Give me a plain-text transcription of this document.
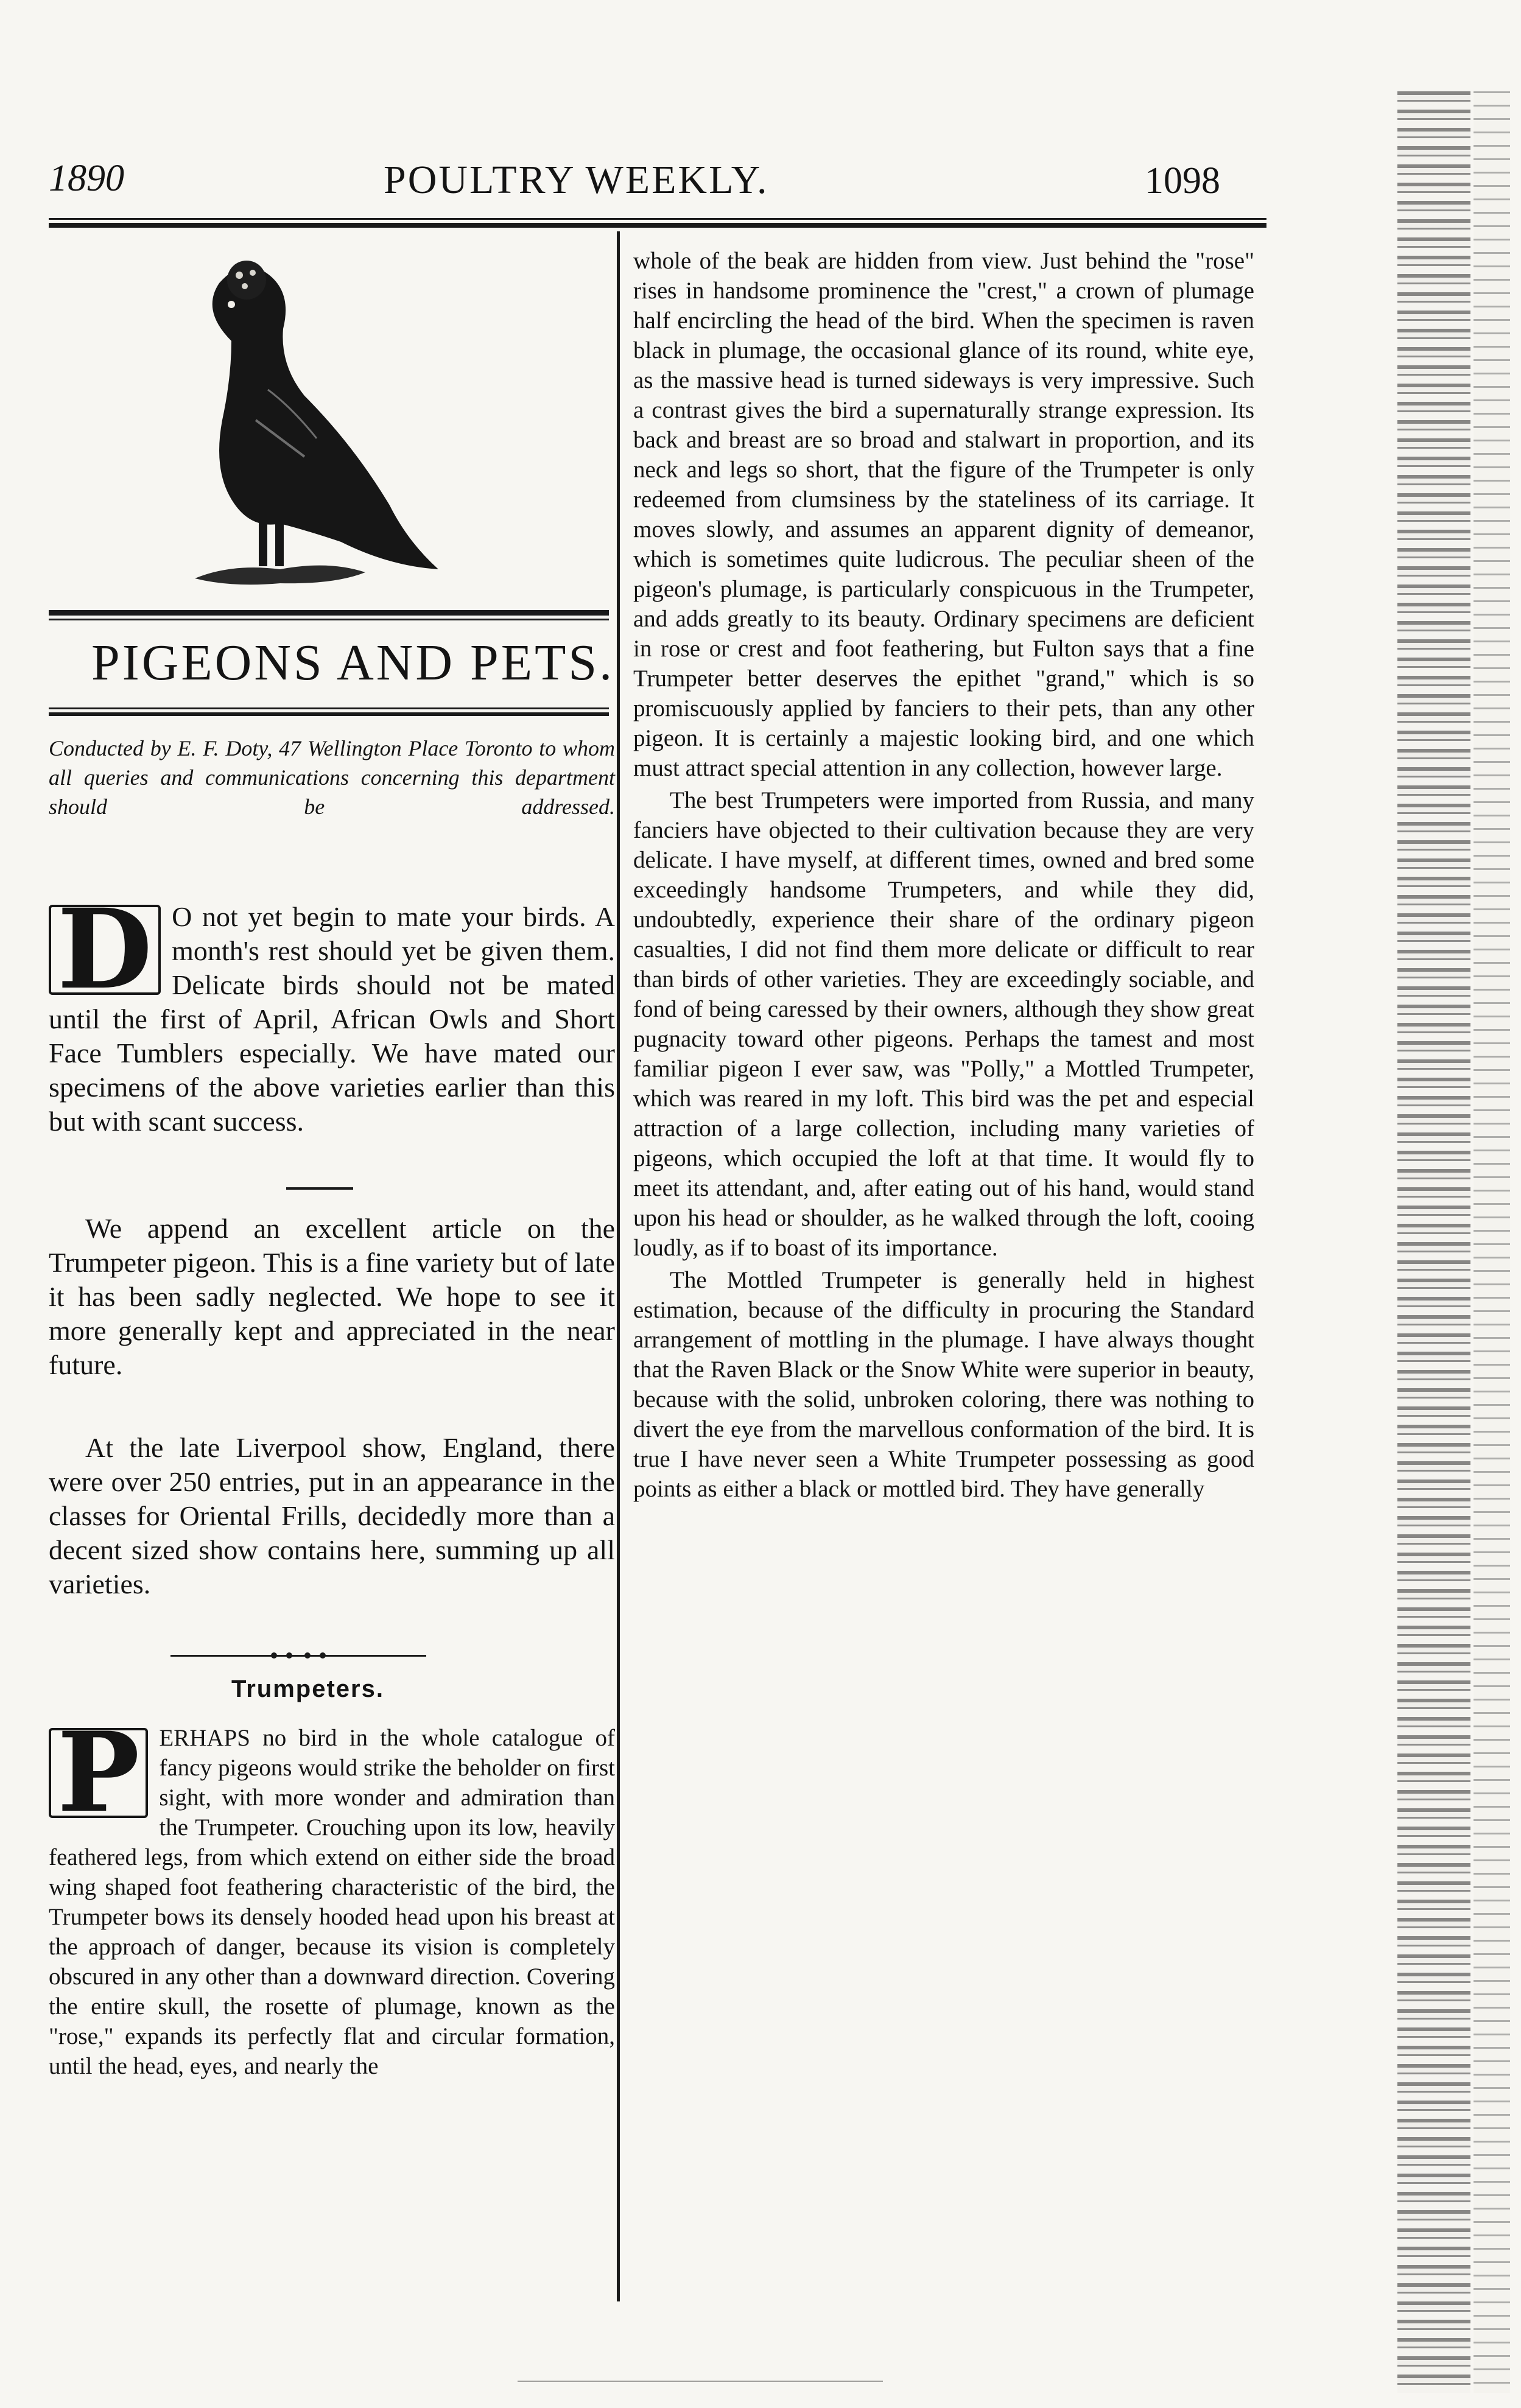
1890	POULTRY WEEKLY.	1098
PIGEONS AND PETS.
Conducted by E. F. Doty, 47 Wellington Place Toronto to whom all queries and communications concerning this department should be addressed.
D O not yet begin to mate your birds. A month's rest should yet be given them. Delicate birds should not be mated until the first of April, African Owls and Short Face Tumblers especially. We have mated our specimens of the above varieties earlier than this but with scant success.
We append an excellent article on the Trumpeter pigeon. This is a fine variety but of late it has been sadly neglected. We hope to see it more generally kept and appreciated in the near future.
At the late Liverpool show, England, there were over 250 entries, put in an appearance in the classes for Oriental Frills, decidedly more than a decent sized show contains here, summing up all varieties.
Trumpeters.
P ERHAPS no bird in the whole catalogue of fancy pigeons would strike the beholder on first sight, with more wonder and admiration than the Trumpeter. Crouching upon its low, heavily feathered legs, from which extend on either side the broad wing shaped foot feathering characteristic of the bird, the Trumpeter bows its densely hooded head upon his breast at the approach of danger, because its vision is completely obscured in any other than a downward direction. Covering the entire skull, the rosette of plumage, known as the "rose," expands its perfectly flat and circular formation, until the head, eyes, and nearly the

whole of the beak are hidden from view. Just behind the "rose" rises in handsome prominence the "crest," a crown of plumage half encircling the head of the bird. When the specimen is raven black in plumage, the occasional glance of its round, white eye, as the massive head is turned sideways is very impressive. Such a contrast gives the bird a supernaturally strange expression. Its back and breast are so broad and stalwart in proportion, and its neck and legs so short, that the figure of the Trumpeter is only redeemed from clumsiness by the stateliness of its carriage. It moves slowly, and assumes an apparent dignity of demeanor, which is sometimes quite ludicrous. The peculiar sheen of the pigeon's plumage, is particularly conspicuous in the Trumpeter, and adds greatly to its beauty. Ordinary specimens are deficient in rose or crest and foot feathering, but Fulton says that a fine Trumpeter better deserves the epithet "grand," which is so promiscuously applied by fanciers to their pets, than any other pigeon. It is certainly a majestic looking bird, and one which must attract special attention in any collection, however large.

The best Trumpeters were imported from Russia, and many fanciers have objected to their cultivation because they are very delicate. I have myself, at different times, owned and bred some exceedingly handsome Trumpeters, and while they did, undoubtedly, experience their share of the ordinary pigeon casualties, I did not find them more delicate or difficult to rear than birds of other varieties. They are exceedingly sociable, and fond of being caressed by their owners, although they show great pugnacity toward other pigeons. Perhaps the tamest and most familiar pigeon I ever saw, was "Polly," a Mottled Trumpeter, which was reared in my loft. This bird was the pet and especial attraction of a large collection, including many varieties of pigeons, which occupied the loft at that time. It would fly to meet its attendant, and, after eating out of his hand, would stand upon his head or shoulder, as he walked through the loft, cooing loudly, as if to boast of its importance.

The Mottled Trumpeter is generally held in highest estimation, because of the difficulty in procuring the Standard arrangement of mottling in the plumage. I have always thought that the Raven Black or the Snow White were superior in beauty, because with the solid, unbroken coloring, there was nothing to divert the eye from the marvellous conformation of the bird. It is true I have never seen a White Trumpeter possessing as good points as either a black or mottled bird. They have generally
